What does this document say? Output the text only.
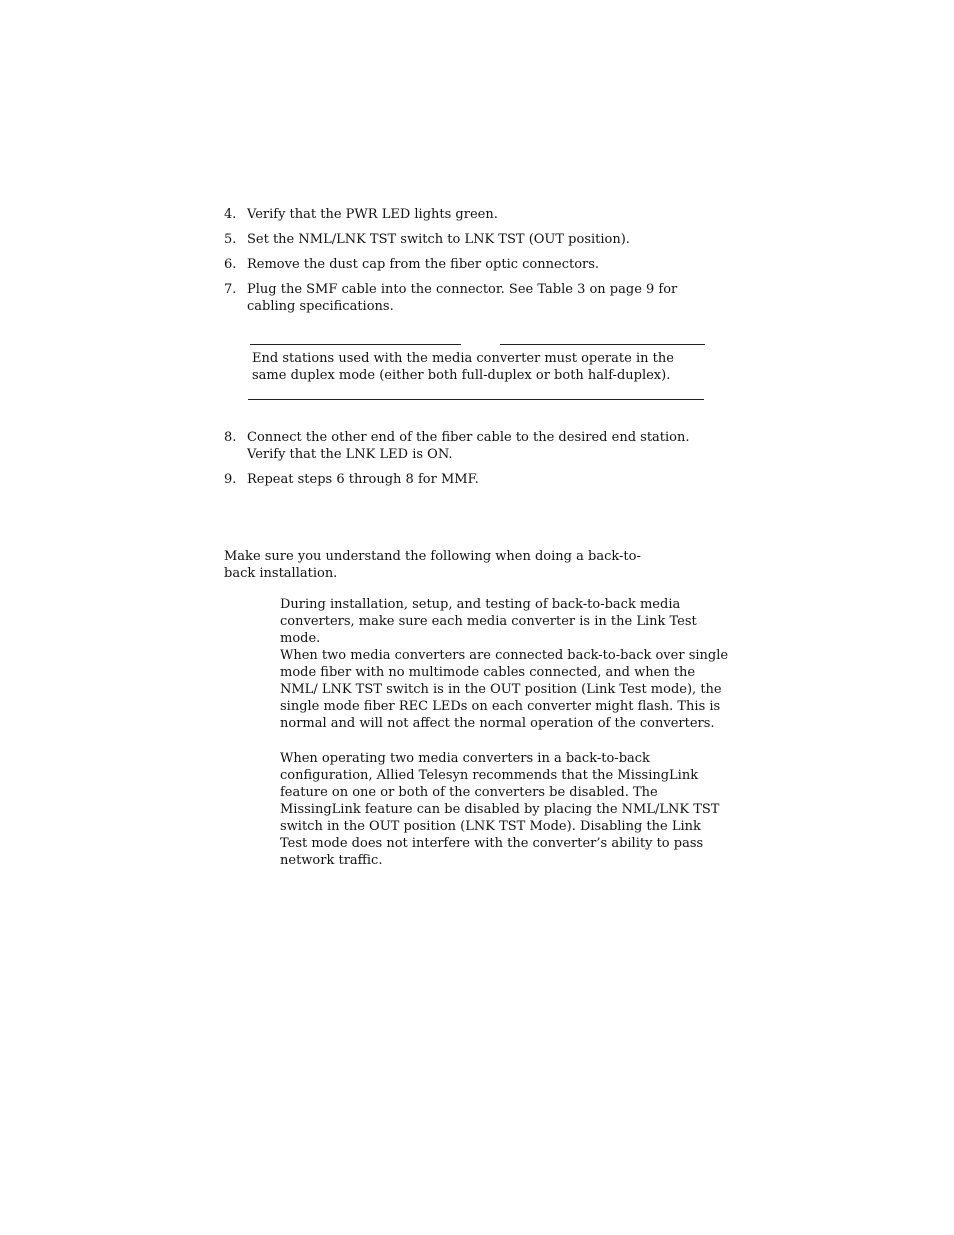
4. Verify that the PWR LED lights green.
5. Set the NML/LNK TST switch to LNK TST (OUT position).
6. Remove the dust cap from the fiber optic connectors.
7. Plug the SMF cable into the connector. See Table 3 on page 9 for cabling specifications.
End stations used with the media converter must operate in the same duplex mode (either both full-duplex or both half-duplex).
8. Connect the other end of the fiber cable to the desired end station. Verify that the LNK LED is ON.
9. Repeat steps 6 through 8 for MMF.
Make sure you understand the following when doing a back-to-back installation.
During installation, setup, and testing of back-to-back media converters, make sure each media converter is in the Link Test mode.
When two media converters are connected back-to-back over single mode fiber with no multimode cables connected, and when the NML/ LNK TST switch is in the OUT position (Link Test mode), the single mode fiber REC LEDs on each converter might flash. This is normal and will not affect the normal operation of the converters.
When operating two media converters in a back-to-back configuration, Allied Telesyn recommends that the MissingLink feature on one or both of the converters be disabled. The MissingLink feature can be disabled by placing the NML/LNK TST switch in the OUT position (LNK TST Mode). Disabling the Link Test mode does not interfere with the converter’s ability to pass network traffic.
